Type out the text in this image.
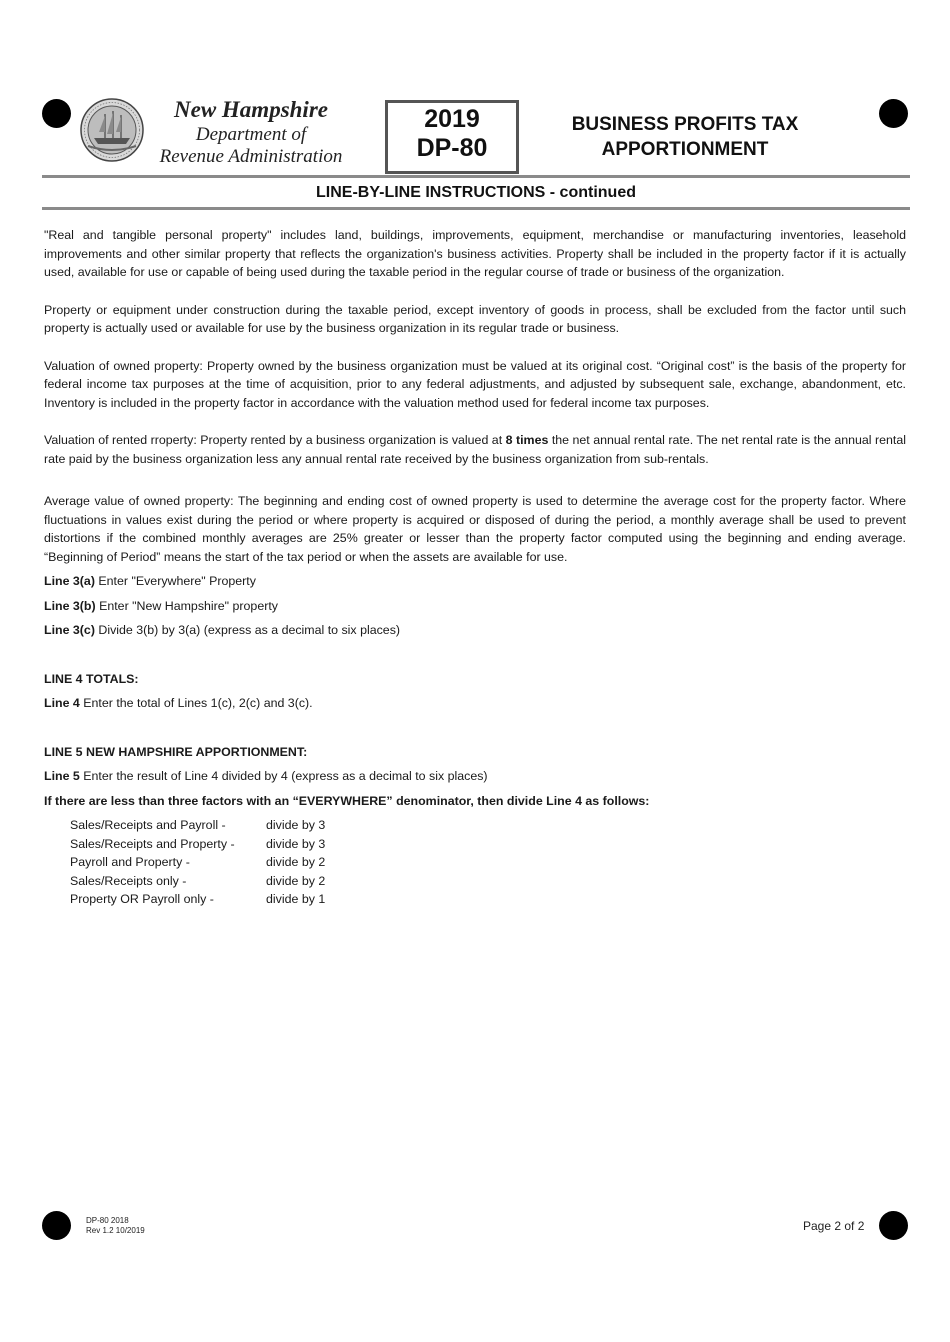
New Hampshire
Department of
Revenue Administration
2019
DP-80
BUSINESS PROFITS TAX
APPORTIONMENT
LINE-BY-LINE INSTRUCTIONS - continued

"Real and tangible personal property" includes land, buildings, improvements, equipment, merchandise or manufacturing inventories, leasehold improvements and other similar property that reflects the organization's business activities. Property shall be included in the property factor if it is actually used, available for use or capable of being used during the taxable period in the regular course of trade or business of the organization.

Property or equipment under construction during the taxable period, except inventory of goods in process, shall be excluded from the factor until such property is actually used or available for use by the business organization in its regular trade or business.

Valuation of owned property: Property owned by the business organization must be valued at its original cost. “Original cost” is the basis of the property for federal income tax purposes at the time of acquisition, prior to any federal adjustments, and adjusted by subsequent sale, exchange, abandonment, etc. Inventory is included in the property factor in accordance with the valuation method used for federal income tax purposes.

Valuation of rented rroperty: Property rented by a business organization is valued at 8 times the net annual rental rate. The net rental rate is the annual rental rate paid by the business organization less any annual rental rate received by the business organization from sub-rentals.

Average value of owned property: The beginning and ending cost of owned property is used to determine the average cost for the property factor. Where fluctuations in values exist during the period or where property is acquired or disposed of during the period, a monthly average shall be used to prevent distortions if the combined monthly averages are 25% greater or lesser than the property factor computed using the beginning and ending average. “Beginning of Period” means the start of the tax period or when the assets are available for use.

Line 3(a) Enter "Everywhere" Property
Line 3(b) Enter "New Hampshire" property
Line 3(c) Divide 3(b) by 3(a) (express as a decimal to six places)
LINE 4 TOTALS:
Line 4 Enter the total of Lines 1(c), 2(c) and 3(c).
LINE 5 NEW HAMPSHIRE APPORTIONMENT:
Line 5 Enter the result of Line 4 divided by 4 (express as a decimal to six places)
If there are less than three factors with an “EVERYWHERE” denominator, then divide Line 4 as follows:
Sales/Receipts and Payroll -	divide by 3
Sales/Receipts and Property -	divide by 3
Payroll and Property -	divide by 2
Sales/Receipts only -	divide by 2
Property OR Payroll only -	divide by 1
DP-80 2018
Rev 1.2 10/2019	Page 2 of 2
